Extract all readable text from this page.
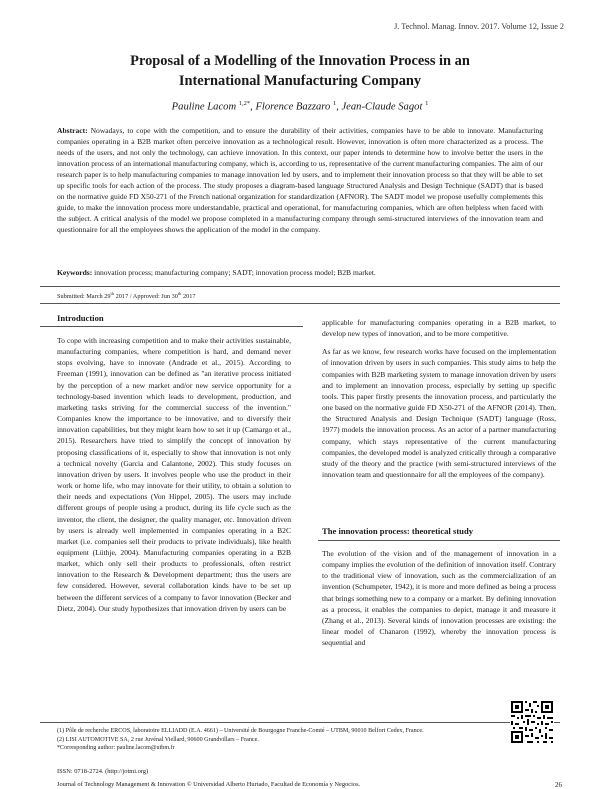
J. Technol. Manag. Innov. 2017. Volume 12, Issue 2
Proposal of a Modelling of the Innovation Process in an
International Manufacturing Company
Pauline Lacom $^{1,2*}$, Florence Bazzaro $^1$, Jean-Claude Sagot $^1$
Abstract: Nowadays, to cope with the competition, and to ensure the durability of their activities, companies have to be able to innovate. Manufacturing companies operating in a B2B market often perceive innovation as a technological result. However, innovation is often more characterized as a process. The needs of the users, and not only the technology, can achieve innovation. In this context, our paper intends to determine how to involve better the users in the innovation process of an international manufacturing company, which is, according to us, representative of the current manufacturing companies. The aim of our research paper is to help manufacturing companies to manage innovation led by users, and to implement their innovation process so that they will be able to set up specific tools for each action of the process. The study proposes a diagram-based language Structured Analysis and Design Technique (SADT) that is based on the normative guide FD X50-271 of the French national organization for standardization (AFNOR). The SADT model we propose usefully complements this guide, to make the innovation process more understandable, practical and operational, for manufacturing companies, which are often helpless when faced with the subject. A critical analysis of the model we propose completed in a manufacturing company through semi-structured interviews of the innovation team and questionnaire for all the employees shows the application of the model in the company.
Keywords: innovation process; manufacturing company; SADT; innovation process model; B2B market.
Submitted: March 29th 2017 / Approved: Jun 30th 2017
Introduction

To cope with increasing competition and to make their activities sustainable, manufacturing companies, where competition is hard, and demand never stops evolving, have to innovate (Andrade et al., 2015). According to Freeman (1991), innovation can be defined as "an iterative process initiated by the perception of a new market and/or new service opportunity for a technology-based invention which leads to development, production, and marketing tasks striving for the commercial success of the invention." Companies know the importance to be innovative, and to diversify their innovation capabilities, but they might learn how to set it up (Camargo et al., 2015). Researchers have tried to simplify the concept of innovation by proposing classifications of it, especially to show that innovation is not only a technical novelty (Garcia and Calantone, 2002). This study focuses on innovation driven by users. It involves people who use the product in their work or home life, who may innovate for their utility, to obtain a solution to their needs and expectations (Von Hippel, 2005). The users may include different groups of people using a product, during its life cycle such as the inventor, the client, the designer, the quality manager, etc. Innovation driven by users is already well implemented in companies operating in a B2C market (i.e. companies sell their products to private individuals), like health equipment (Lüthje, 2004). Manufacturing companies operating in a B2B market, which only sell their products to professionals, often restrict innovation to the Research & Development department; thus the users are few considered. However, several collaboration kinds have to be set up between the different services of a company to favor innovation (Becker and Dietz, 2004). Our study hypothesizes that innovation driven by users can be

applicable for manufacturing companies operating in a B2B market, to develop new types of innovation, and to be more competitive.

As far as we know, few research works have focused on the implementation of innovation driven by users in such companies. This study aims to help the companies with B2B marketing system to manage innovation driven by users and to implement an innovation process, especially by setting up specific tools. This paper firstly presents the innovation process, and particularly the one based on the normative guide FD X50-271 of the AFNOR (2014). Then, the Structured Analysis and Design Technique (SADT) language (Ross, 1977) models the innovation process. As an actor of a partner manufacturing company, which stays representative of the current manufacturing companies, the developed model is analyzed critically through a comparative study of the theory and the practice (with semi-structured interviews of the innovation team and questionnaire for all the employees of the company).

The innovation process: theoretical study

The evolution of the vision and of the management of innovation in a company implies the evolution of the definition of innovation itself. Contrary to the traditional view of innovation, such as the commercialization of an invention (Schumpeter, 1942), it is more and more defined as being a process that brings something new to a company or a market. By defining innovation as a process, it enables the companies to depict, manage it and measure it (Zhang et al., 2013). Several kinds of innovation processes are existing: the linear model of Chanaron (1992), whereby the innovation process is sequential and

(1) Pôle de recherche ERCOS, laboratoire ELLIADD (E.A. 4661) – Université de Bourgogne Franche-Comté – UTBM, 90010 Belfort Cedex, France.
(2) LISI AUTOMOTIVE SA, 2 rue Juvénal Viellard, 90600 Grandvillars – France.
*Corresponding author: pauline.lacom@utbm.fr
ISSN: 0718-2724. (http://jotmi.org)
Journal of Technology Management & Innovation © Universidad Alberto Hurtado, Facultad de Economía y Negocios.	26
